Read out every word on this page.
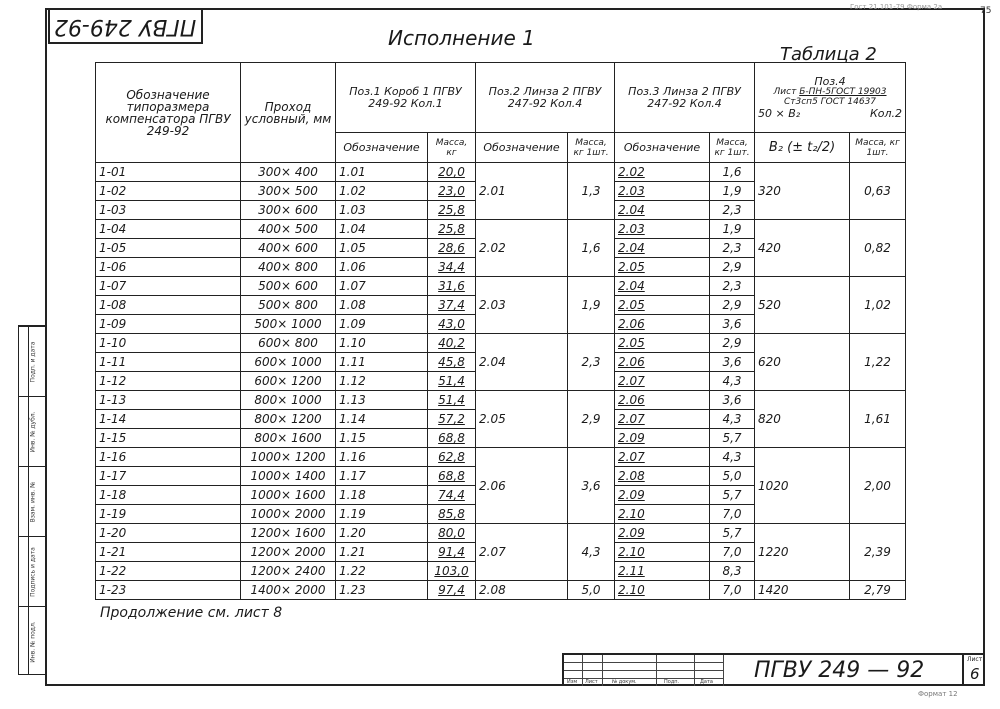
Гост 21.101-79 Форма 2а	75
ПГВУ 249-92	Исполнение 1
Таблица 2
Подп. и дата
Инв. № дубл.
Взам. инв. №
Подпись и дата
Инв. № подл.
Обозначение типоразмера компенсатора ПГВУ 249-92	Проход условный, мм	Поз.1 Короб 1 ПГВУ 249-92 Кол.1		Поз.2 Линза 2 ПГВУ 247-92 Кол.4		Поз.3 Линза 2 ПГВУ 247-92 Кол.4		Поз.4
Лист Б-ПН-5ГОСТ 19903
Ст3сп5 ГОСТ 14637
50 × B₂ Кол.2	

		Обозначение	Масса, кг	Обозначение	Масса, кг 1шт.	Обозначение	Масса, кг 1шт.	B₂ (± t₂/2)	Масса, кг 1шт.
1-01	300× 400	1.01	20,0	2.01	1,3	2.02	1,6	320	0,63
1-02	300× 500	1.02	23,0			2.03	1,9		
1-03	300× 600	1.03	25,8			2.04	2,3		
1-04	400× 500	1.04	25,8	2.02	1,6	2.03	1,9	420	0,82
1-05	400× 600	1.05	28,6			2.04	2,3		
1-06	400× 800	1.06	34,4			2.05	2,9		
1-07	500× 600	1.07	31,6	2.03	1,9	2.04	2,3	520	1,02
1-08	500× 800	1.08	37,4			2.05	2,9		
1-09	500× 1000	1.09	43,0			2.06	3,6		
1-10	600× 800	1.10	40,2	2.04	2,3	2.05	2,9	620	1,22
1-11	600× 1000	1.11	45,8			2.06	3,6		
1-12	600× 1200	1.12	51,4			2.07	4,3		
1-13	800× 1000	1.13	51,4	2.05	2,9	2.06	3,6	820	1,61
1-14	800× 1200	1.14	57,2			2.07	4,3		
1-15	800× 1600	1.15	68,8			2.09	5,7		
1-16	1000× 1200	1.16	62,8	2.06	3,6	2.07	4,3	1020	2,00
1-17	1000× 1400	1.17	68,8			2.08	5,0		
1-18	1000× 1600	1.18	74,4			2.09	5,7		
1-19	1000× 2000	1.19	85,8			2.10	7,0		
1-20	1200× 1600	1.20	80,0	2.07	4,3	2.09	5,7	1220	2,39
1-21	1200× 2000	1.21	91,4			2.10	7,0		
1-22	1200× 2400	1.22	103,0			2.11	8,3		
1-23	1400× 2000	1.23	97,4	2.08	5,0	2.10	7,0	1420	2,79
Продолжение см. лист 8
Изм Лист	№ докум.	Подп.	Дата ПГВУ 249 — 92	Лист
6
Формат 12
